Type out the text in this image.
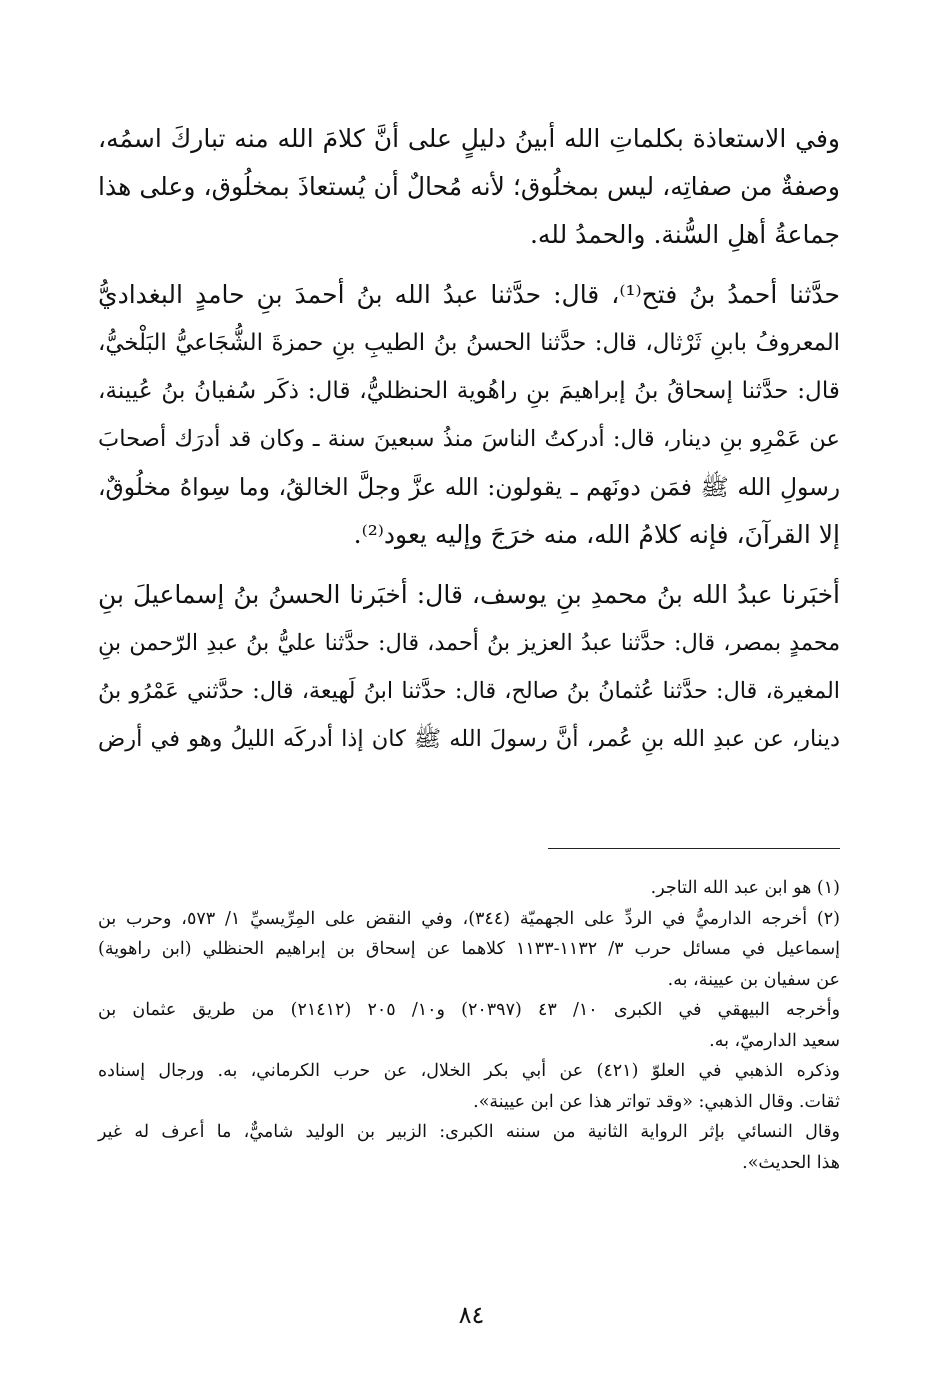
وفي الاستعاذة بكلماتِ الله أبينُ دليلٍ على أنَّ كلامَ الله منه تباركَ اسمُه،
وصفةٌ من صفاتِه، ليس بمخلُوق؛ لأنه مُحالٌ أن يُستعاذَ بمخلُوق، وعلى هذا
جماعةُ أهلِ السُّنة. والحمدُ لله.
حدَّثنا أحمدُ بنُ فتح⁽¹⁾، قال: حدَّثنا عبدُ الله بنُ أحمدَ بنِ حامدٍ البغداديُّ
المعروفُ بابنِ ثَرْثال، قال: حدَّثنا الحسنُ بنُ الطيبِ بنِ حمزةَ الشُّجَاعيُّ البَلْخيُّ،
قال: حدَّثنا إسحاقُ بنُ إبراهيمَ بنِ راهُوية الحنظليُّ، قال: ذكَر سُفيانُ بنُ عُيينة،
عن عَمْرِو بنِ دينار، قال: أدركتُ الناسَ منذُ سبعينَ سنة ـ وكان قد أدرَك أصحابَ
رسولِ الله ﷺ فمَن دونَهم ـ يقولون: الله عزَّ وجلَّ الخالقُ، وما سِواهُ مخلُوقٌ،
إلا القرآنَ، فإنه كلامُ الله، منه خرَجَ وإليه يعود⁽²⁾.
أخبَرنا عبدُ الله بنُ محمدِ بنِ يوسف، قال: أخبَرنا الحسنُ بنُ إسماعيلَ بنِ
محمدٍ بمصر، قال: حدَّثنا عبدُ العزيز بنُ أحمد، قال: حدَّثنا عليُّ بنُ عبدِ الرّحمن بنِ
المغيرة، قال: حدَّثنا عُثمانُ بنُ صالح، قال: حدَّثنا ابنُ لَهيعة، قال: حدَّثني عَمْرُو بنُ
دينار، عن عبدِ الله بنِ عُمر، أنَّ رسولَ الله ﷺ كان إذا أدركَه الليلُ وهو في أرض
(١) هو ابن عبد الله التاجر.
(٢) أخرجه الدارميُّ في الردِّ على الجهميّة (٣٤٤)، وفي النقض على المِرِّيسيِّ ١/ ٥٧٣، وحرب بن
إسماعيل في مسائل حرب ٣/ ١١٣٢-١١٣٣ كلاهما عن إسحاق بن إبراهيم الحنظلي (ابن راهوية)
عن سفيان بن عيينة، به.
وأخرجه البيهقي في الكبرى ١٠/ ٤٣ (٢٠٣٩٧) و١٠/ ٢٠٥ (٢١٤١٢) من طريق عثمان بن
سعيد الدارميّ، به.
وذكره الذهبي في العلوّ (٤٢١) عن أبي بكر الخلال، عن حرب الكرماني، به. ورجال إسناده
ثقات. وقال الذهبي: «وقد تواتر هذا عن ابن عيينة».
وقال النسائي بإثر الرواية الثانية من سننه الكبرى: الزبير بن الوليد شاميٌّ، ما أعرف له غير
هذا الحديث».
٨٤
